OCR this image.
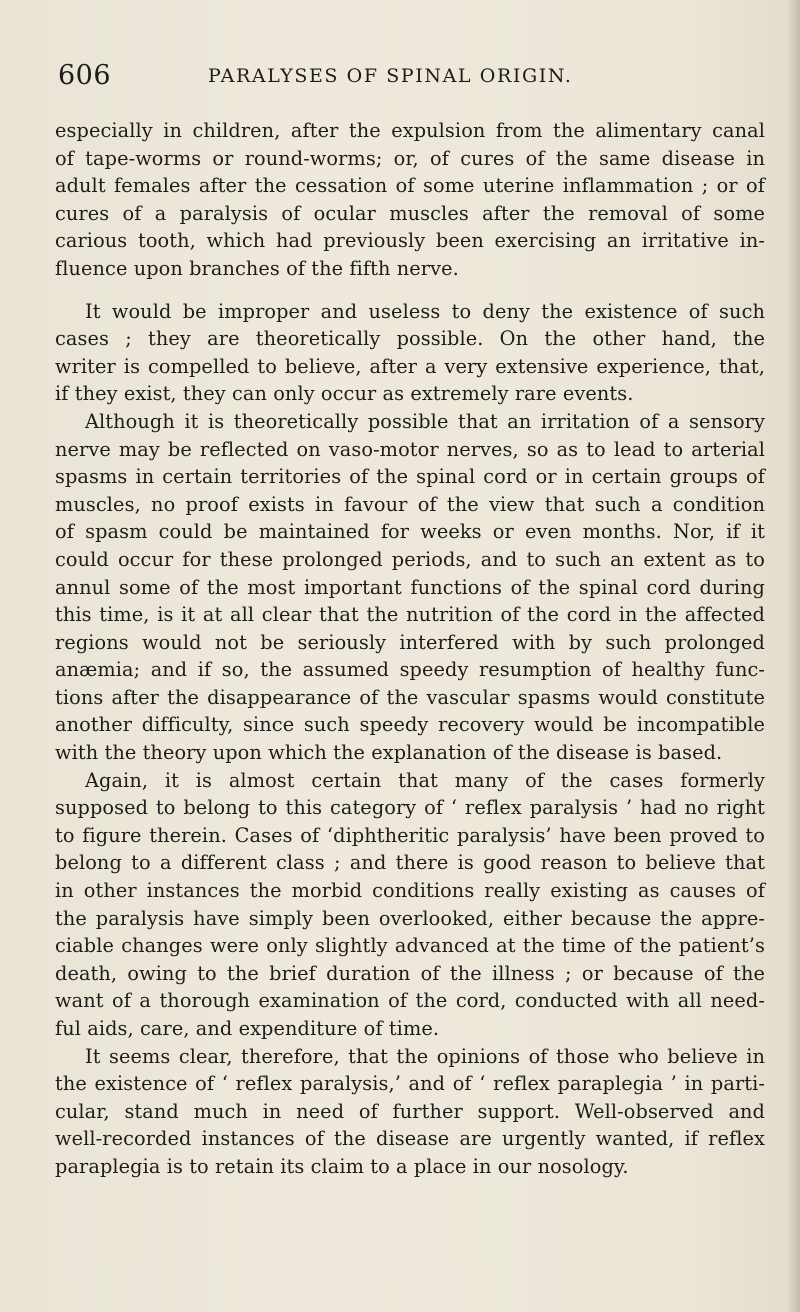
606	PARALYSES OF SPINAL ORIGIN.

especially in children, after the expulsion from the alimentary canal
of tape-worms or round-worms; or, of cures of the same disease in
adult females after the cessation of some uterine inflammation ; or of
cures of a paralysis of ocular muscles after the removal of some
carious tooth, which had previously been exercising an irritative in-
fluence upon branches of the fifth nerve.

It would be improper and useless to deny the existence of such
cases ; they are theoretically possible. On the other hand, the
writer is compelled to believe, after a very extensive experience, that,
if they exist, they can only occur as extremely rare events.

Although it is theoretically possible that an irritation of a sensory
nerve may be reflected on vaso-motor nerves, so as to lead to arterial
spasms in certain territories of the spinal cord or in certain groups of
muscles, no proof exists in favour of the view that such a condition
of spasm could be maintained for weeks or even months. Nor, if it
could occur for these prolonged periods, and to such an extent as to
annul some of the most important functions of the spinal cord during
this time, is it at all clear that the nutrition of the cord in the affected
regions would not be seriously interfered with by such prolonged
anæmia; and if so, the assumed speedy resumption of healthy func-
tions after the disappearance of the vascular spasms would constitute
another difficulty, since such speedy recovery would be incompatible
with the theory upon which the explanation of the disease is based.

Again, it is almost certain that many of the cases formerly
supposed to belong to this category of ‘ reflex paralysis ’ had no right
to figure therein. Cases of ‘diphtheritic paralysis’ have been proved to
belong to a different class ; and there is good reason to believe that
in other instances the morbid conditions really existing as causes of
the paralysis have simply been overlooked, either because the appre-
ciable changes were only slightly advanced at the time of the patient’s
death, owing to the brief duration of the illness ; or because of the
want of a thorough examination of the cord, conducted with all need-
ful aids, care, and expenditure of time.

It seems clear, therefore, that the opinions of those who believe in
the existence of ‘ reflex paralysis,’ and of ‘ reflex paraplegia ’ in parti-
cular, stand much in need of further support. Well-observed and
well-recorded instances of the disease are urgently wanted, if reflex
paraplegia is to retain its claim to a place in our nosology.
